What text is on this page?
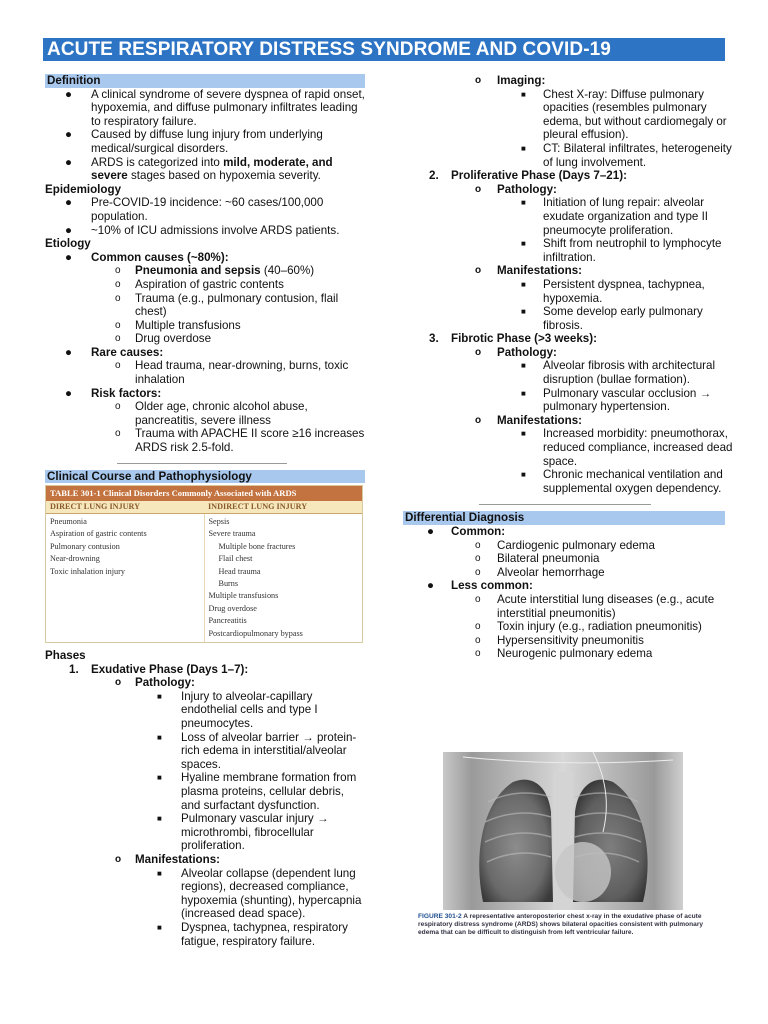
ACUTE RESPIRATORY DISTRESS SYNDROME AND COVID-19
Definition
● A clinical syndrome of severe dyspnea of rapid onset, hypoxemia, and diffuse pulmonary infiltrates leading to respiratory failure.
● Caused by diffuse lung injury from underlying medical/surgical disorders.
● ARDS is categorized into mild, moderate, and severe stages based on hypoxemia severity.
Epidemiology
● Pre-COVID-19 incidence: ~60 cases/100,000 population.
● ~10% of ICU admissions involve ARDS patients.
Etiology
● Common causes (~80%):
o Pneumonia and sepsis (40–60%)
o Aspiration of gastric contents
o Trauma (e.g., pulmonary contusion, flail chest)
o Multiple transfusions
o Drug overdose
● Rare causes:
o Head trauma, near-drowning, burns, toxic inhalation
● Risk factors:
o Older age, chronic alcohol abuse, pancreatitis, severe illness
o Trauma with APACHE II score ≥16 increases ARDS risk 2.5-fold.
Clinical Course and Pathophysiology
TABLE 301-1 Clinical Disorders Commonly Associated with ARDS
DIRECT LUNG INJURY	INDIRECT LUNG INJURY
Pneumonia
Aspiration of gastric contents
Pulmonary contusion
Near-drowning
Toxic inhalation injury
Sepsis
Severe trauma
Multiple bone fractures
Flail chest
Head trauma
Burns
Multiple transfusions
Drug overdose
Pancreatitis
Postcardiopulmonary bypass
Phases
1. Exudative Phase (Days 1–7):
o Pathology:
■ Injury to alveolar-capillary endothelial cells and type I pneumocytes.
■ Loss of alveolar barrier → protein-rich edema in interstitial/alveolar spaces.
■ Hyaline membrane formation from plasma proteins, cellular debris, and surfactant dysfunction.
■ Pulmonary vascular injury → microthrombi, fibrocellular proliferation.
o Manifestations:
■ Alveolar collapse (dependent lung regions), decreased compliance, hypoxemia (shunting), hypercapnia (increased dead space).
■ Dyspnea, tachypnea, respiratory fatigue, respiratory failure.
o Imaging:
■ Chest X-ray: Diffuse pulmonary opacities (resembles pulmonary edema, but without cardiomegaly or pleural effusion).
■ CT: Bilateral infiltrates, heterogeneity of lung involvement.
2. Proliferative Phase (Days 7–21):
o Pathology:
■ Initiation of lung repair: alveolar exudate organization and type II pneumocyte proliferation.
■ Shift from neutrophil to lymphocyte infiltration.
o Manifestations:
■ Persistent dyspnea, tachypnea, hypoxemia.
■ Some develop early pulmonary fibrosis.
3. Fibrotic Phase (>3 weeks):
o Pathology:
■ Alveolar fibrosis with architectural disruption (bullae formation).
■ Pulmonary vascular occlusion → pulmonary hypertension.
o Manifestations:
■ Increased morbidity: pneumothorax, reduced compliance, increased dead space.
■ Chronic mechanical ventilation and supplemental oxygen dependency.
Differential Diagnosis
● Common:
o Cardiogenic pulmonary edema
o Bilateral pneumonia
o Alveolar hemorrhage
● Less common:
o Acute interstitial lung diseases (e.g., acute interstitial pneumonitis)
o Toxin injury (e.g., radiation pneumonitis)
o Hypersensitivity pneumonitis
o Neurogenic pulmonary edema
FIGURE 301-2 A representative anteroposterior chest x-ray in the exudative phase of acute respiratory distress syndrome (ARDS) shows bilateral opacities consistent with pulmonary edema that can be difficult to distinguish from left ventricular failure.
